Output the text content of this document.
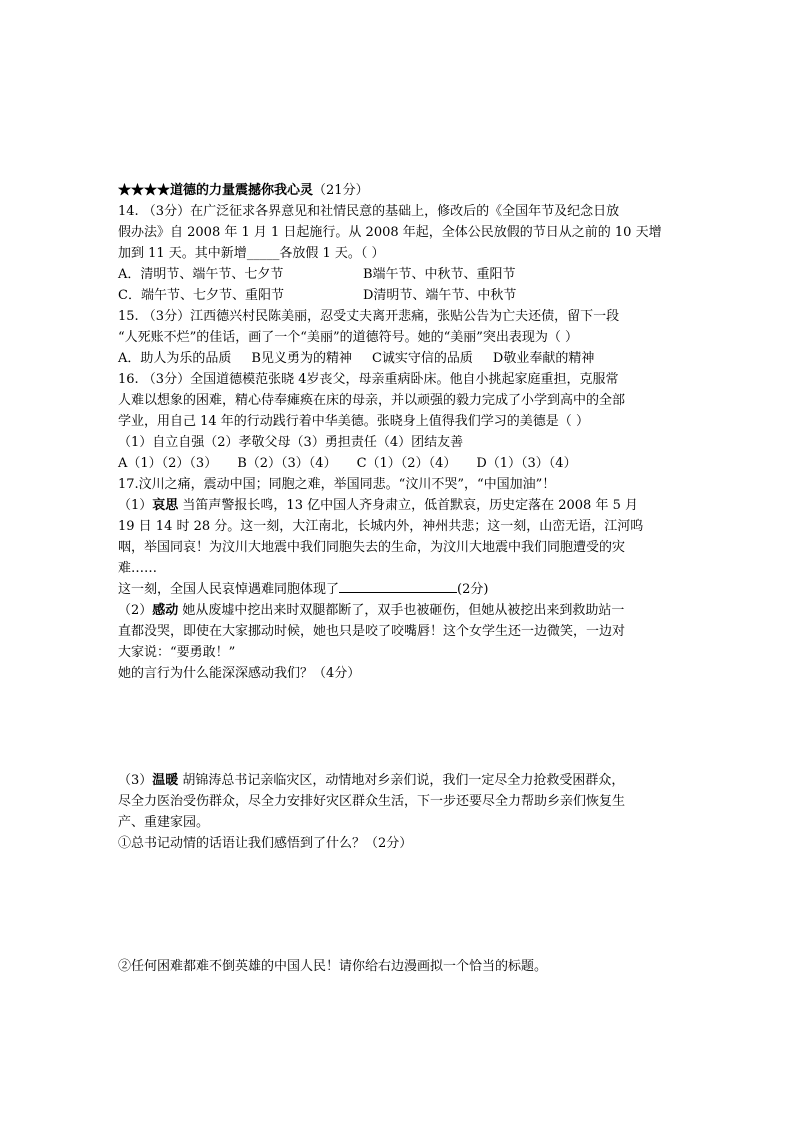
★★★★道德的力量震撼你我心灵（21分）
14. （3分）在广泛征求各界意见和社情民意的基础上，修改后的《全国年节及纪念日放
假办法》自 2008 年 1 月 1 日起施行。从 2008 年起，全体公民放假的节日从之前的 10 天增
加到 11 天。其中新增_____各放假 1 天。（ ）
A．清明节、端午节、七夕节	B端午节、中秋节、重阳节
C．端午节、七夕节、重阳节	D清明节、端午节、中秋节
15. （3分）江西德兴村民陈美丽，忍受丈夫离开悲痛，张贴公告为亡夫还债，留下一段
“人死账不烂”的佳话，画了一个“美丽”的道德符号。她的“美丽”突出表现为（ ）
A．助人为乐的品质 B见义勇为的精神 C诚实守信的品质 D敬业奉献的精神
16. （3分）全国道德模范张晓 4岁丧父，母亲重病卧床。他自小挑起家庭重担，克服常
人难以想象的困难，精心侍奉瘫痪在床的母亲，并以顽强的毅力完成了小学到高中的全部
学业，用自己 14 年的行动践行着中华美德。张晓身上值得我们学习的美德是（ ）
（1）自立自强（2）孝敬父母（3）勇担责任（4）团结友善
A（1）（2）（3） B（2）（3）（4） C（1）（2）（4） D（1）（3）（4）
17.汶川之痛，震动中国；同胞之难，举国同悲。“汶川不哭”，“中国加油”！
（1）哀思 当笛声警报长鸣，13 亿中国人齐身肃立，低首默哀，历史定落在 2008 年 5 月
19 日 14 时 28 分。这一刻，大江南北，长城内外，神州共悲；这一刻，山峦无语，江河呜
咽，举国同哀！为汶川大地震中我们同胞失去的生命，为汶川大地震中我们同胞遭受的灾
难……
这一刻，全国人民哀悼遇难同胞体现了	(2分)
（2）感动 她从废墟中挖出来时双腿都断了，双手也被砸伤，但她从被挖出来到救助站一
直都没哭，即使在大家挪动时候，她也只是咬了咬嘴唇！这个女学生还一边微笑，一边对
大家说：“要勇敢！”
她的言行为什么能深深感动我们？（4分）
（3）温暖 胡锦涛总书记亲临灾区，动情地对乡亲们说，我们一定尽全力抢救受困群众，
尽全力医治受伤群众，尽全力安排好灾区群众生活，下一步还要尽全力帮助乡亲们恢复生
产、重建家园。
①总书记动情的话语让我们感悟到了什么？（2分）
②任何困难都难不倒英雄的中国人民！请你给右边漫画拟一个恰当的标题。
